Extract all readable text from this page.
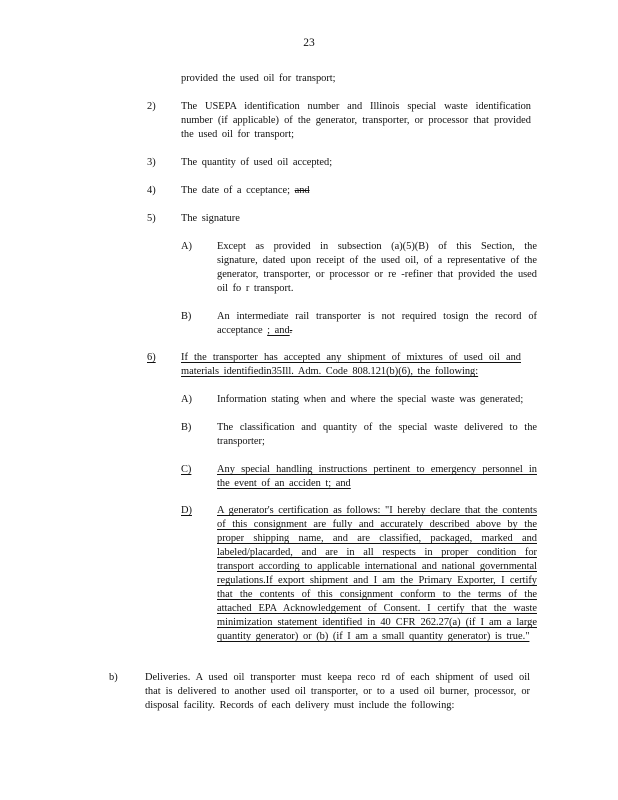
23
provided the used oil for transport;
2) The USEPA identification number and Illinois special waste identification number (if applicable) of the generator, transporter, or processor that provided the used oil for transport;
3) The quantity of used oil accepted;
4) The date of a cceptance; and
5) The signature
A) Except as provided in subsection (a)(5)(B) of this Section, the signature, dated upon receipt of the used oil, of a representative of the generator, transporter, or processor or re -refiner that provided the used oil fo r transport.
B) An intermediate rail transporter is not required tosign the record of acceptance ; and.
6) If the transporter has accepted any shipment of mixtures of used oil and materials identifiedin35Ill. Adm. Code 808.121(b)(6), the following:
A) Information stating when and where the special waste was generated;
B) The classification and quantity of the special waste delivered to the transporter;
C) Any special handling instructions pertinent to emergency personnel in the event of an acciden t; and
D) A generator's certification as follows: "I hereby declare that the contents of this consignment are fully and accurately described above by the proper shipping name, and are classified, packaged, marked and labeled/placarded, and are in all respects in proper condition for transport according to applicable international and national governmental regulations.If export shipment and I am the Primary Exporter, I certify that the contents of this consignment conform to the terms of the attached EPA Acknowledgement of Consent. I certify that the waste minimization statement identified in 40 CFR 262.27(a) (if I am a large quantity generator) or (b) (if I am a small quantity generator) is true."
b)	Deliveries. A used oil transporter must keepa reco rd of each shipment of used oil that is delivered to another used oil transporter, or to a used oil burner, processor, or disposal facility. Records of each delivery must include the following:
